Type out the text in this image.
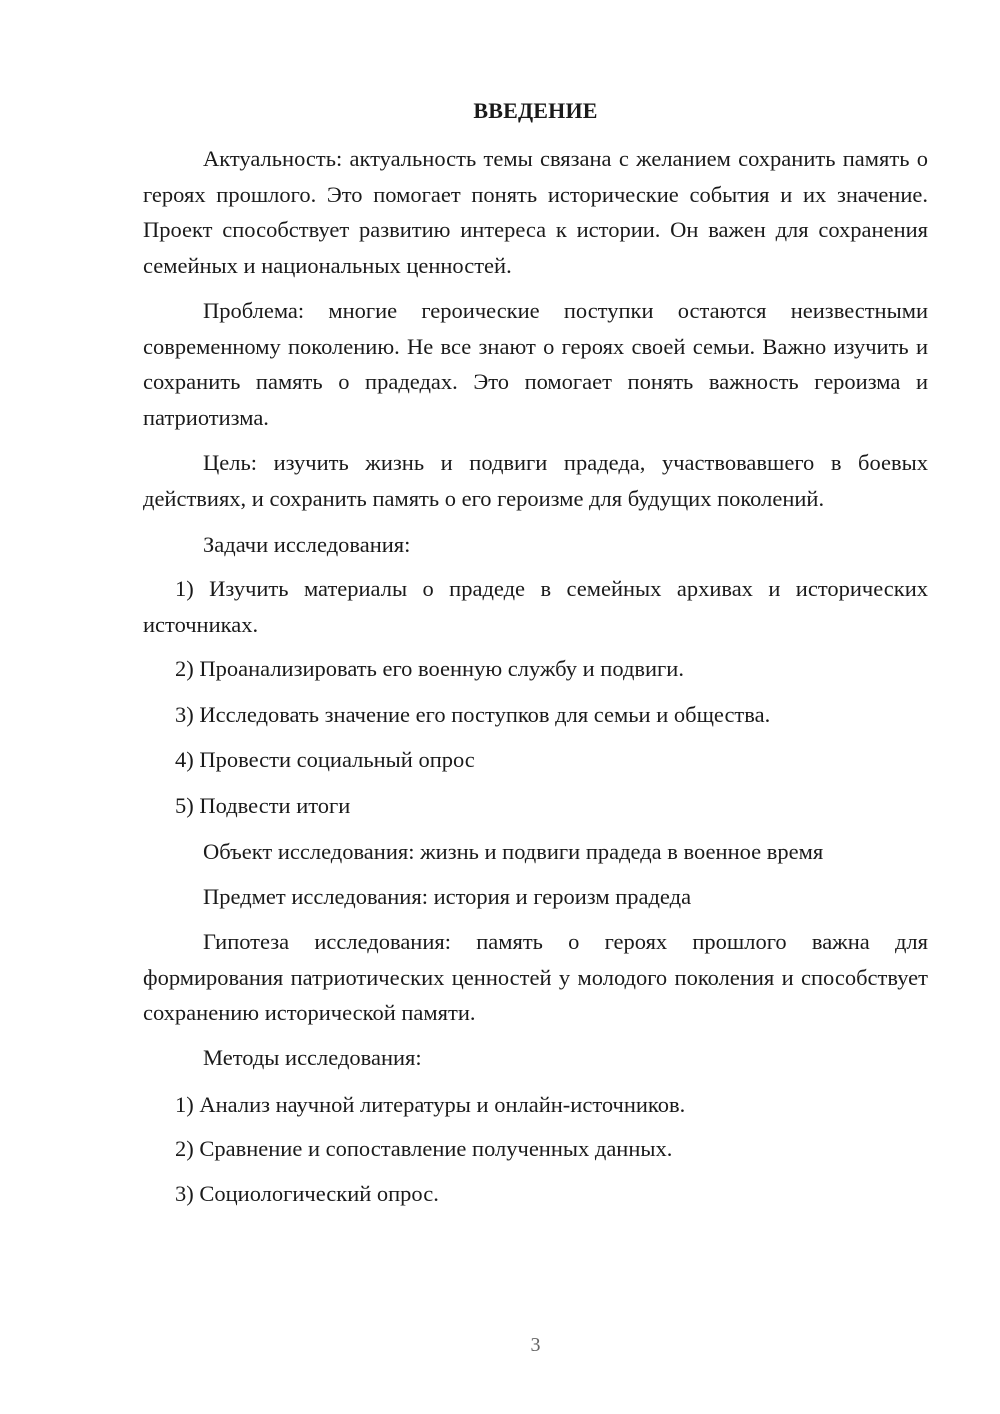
ВВЕДЕНИЕ

Актуальность: актуальность темы связана с желанием сохранить память о героях прошлого. Это помогает понять исторические события и их значение. Проект способствует развитию интереса к истории. Он важен для сохранения семейных и национальных ценностей.

Проблема: многие героические поступки остаются неизвестными современному поколению. Не все знают о героях своей семьи. Важно изучить и сохранить память о прадедах. Это помогает понять важность героизма и патриотизма.

Цель: изучить жизнь и подвиги прадеда, участвовавшего в боевых действиях, и сохранить память о его героизме для будущих поколений.

Задачи исследования:

1) Изучить материалы о прадеде в семейных архивах и исторических источниках.

2) Проанализировать его военную службу и подвиги.

3) Исследовать значение его поступков для семьи и общества.

4) Провести социальный опрос

5) Подвести итоги

Объект исследования: жизнь и подвиги прадеда в военное время

Предмет исследования: история и героизм прадеда

Гипотеза исследования: память о героях прошлого важна для формирования патриотических ценностей у молодого поколения и способствует сохранению исторической памяти.

Методы исследования:

1) Анализ научной литературы и онлайн-источников.

2) Сравнение и сопоставление полученных данных.

3) Социологический опрос.

3
